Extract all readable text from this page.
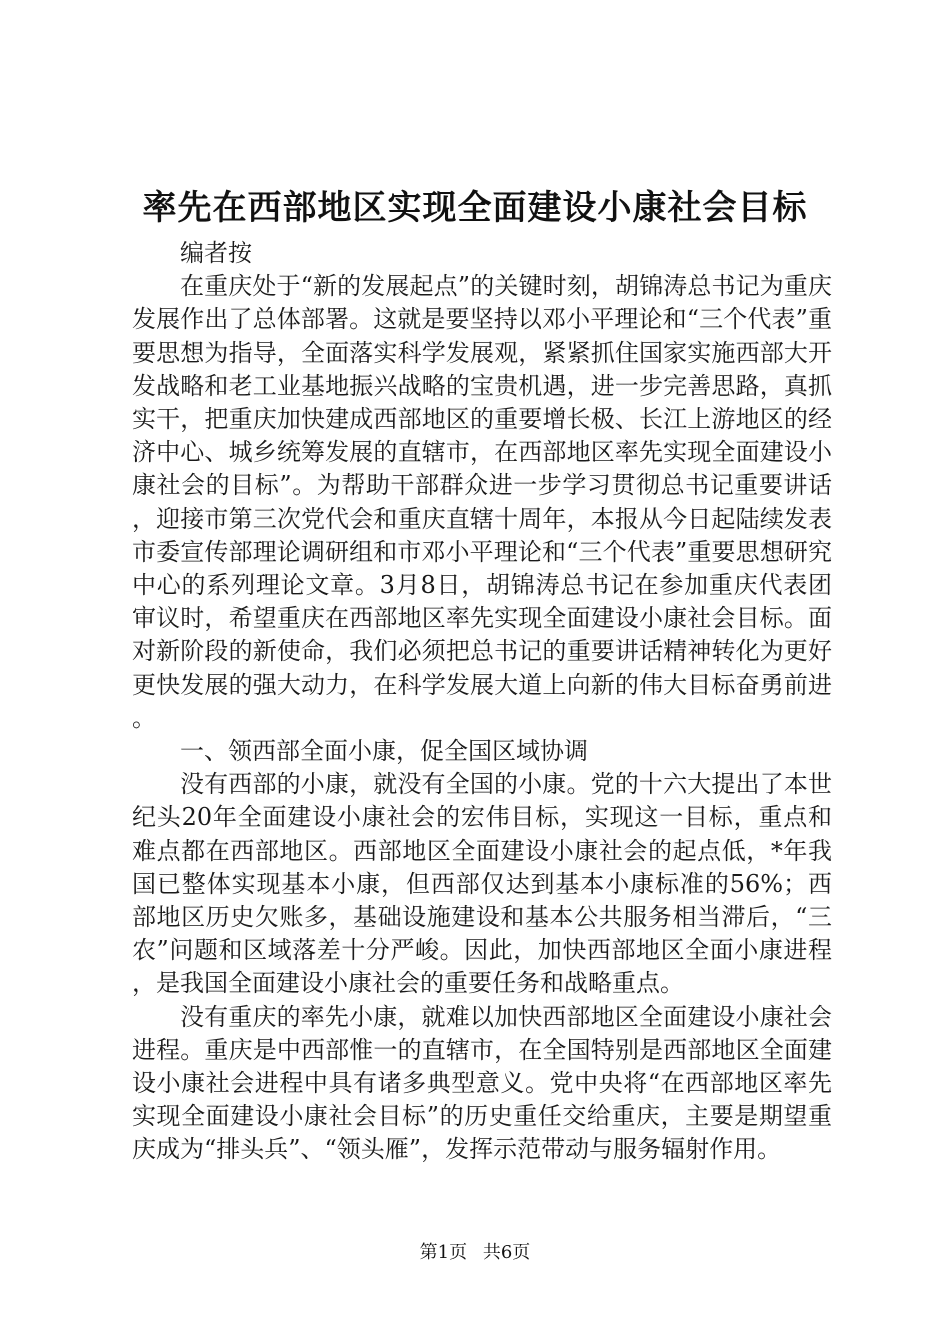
率先在西部地区实现全面建设小康社会目标

编者按

在重庆处于“新的发展起点”的关键时刻，胡锦涛总书记为重庆发展作出了总体部署。这就是要坚持以邓小平理论和“三个代表”重要思想为指导，全面落实科学发展观，紧紧抓住国家实施西部大开发战略和老工业基地振兴战略的宝贵机遇，进一步完善思路，真抓实干，把重庆加快建成西部地区的重要增长极、长江上游地区的经济中心、城乡统筹发展的直辖市，在西部地区率先实现全面建设小康社会的目标”。为帮助干部群众进一步学习贯彻总书记重要讲话，迎接市第三次党代会和重庆直辖十周年，本报从今日起陆续发表市委宣传部理论调研组和市邓小平理论和“三个代表”重要思想研究中心的系列理论文章。3月8日，胡锦涛总书记在参加重庆代表团审议时，希望重庆在西部地区率先实现全面建设小康社会目标。面对新阶段的新使命，我们必须把总书记的重要讲话精神转化为更好更快发展的强大动力，在科学发展大道上向新的伟大目标奋勇前进。

一、领西部全面小康，促全国区域协调

没有西部的小康，就没有全国的小康。党的十六大提出了本世纪头20年全面建设小康社会的宏伟目标，实现这一目标，重点和难点都在西部地区。西部地区全面建设小康社会的起点低，*年我国已整体实现基本小康，但西部仅达到基本小康标准的56%；西部地区历史欠账多，基础设施建设和基本公共服务相当滞后，“三农”问题和区域落差十分严峻。因此，加快西部地区全面小康进程，是我国全面建设小康社会的重要任务和战略重点。

没有重庆的率先小康，就难以加快西部地区全面建设小康社会进程。重庆是中西部惟一的直辖市，在全国特别是西部地区全面建设小康社会进程中具有诸多典型意义。党中央将“在西部地区率先实现全面建设小康社会目标”的历史重任交给重庆，主要是期望重庆成为“排头兵”、“领头雁”，发挥示范带动与服务辐射作用。

第1页 共6页
